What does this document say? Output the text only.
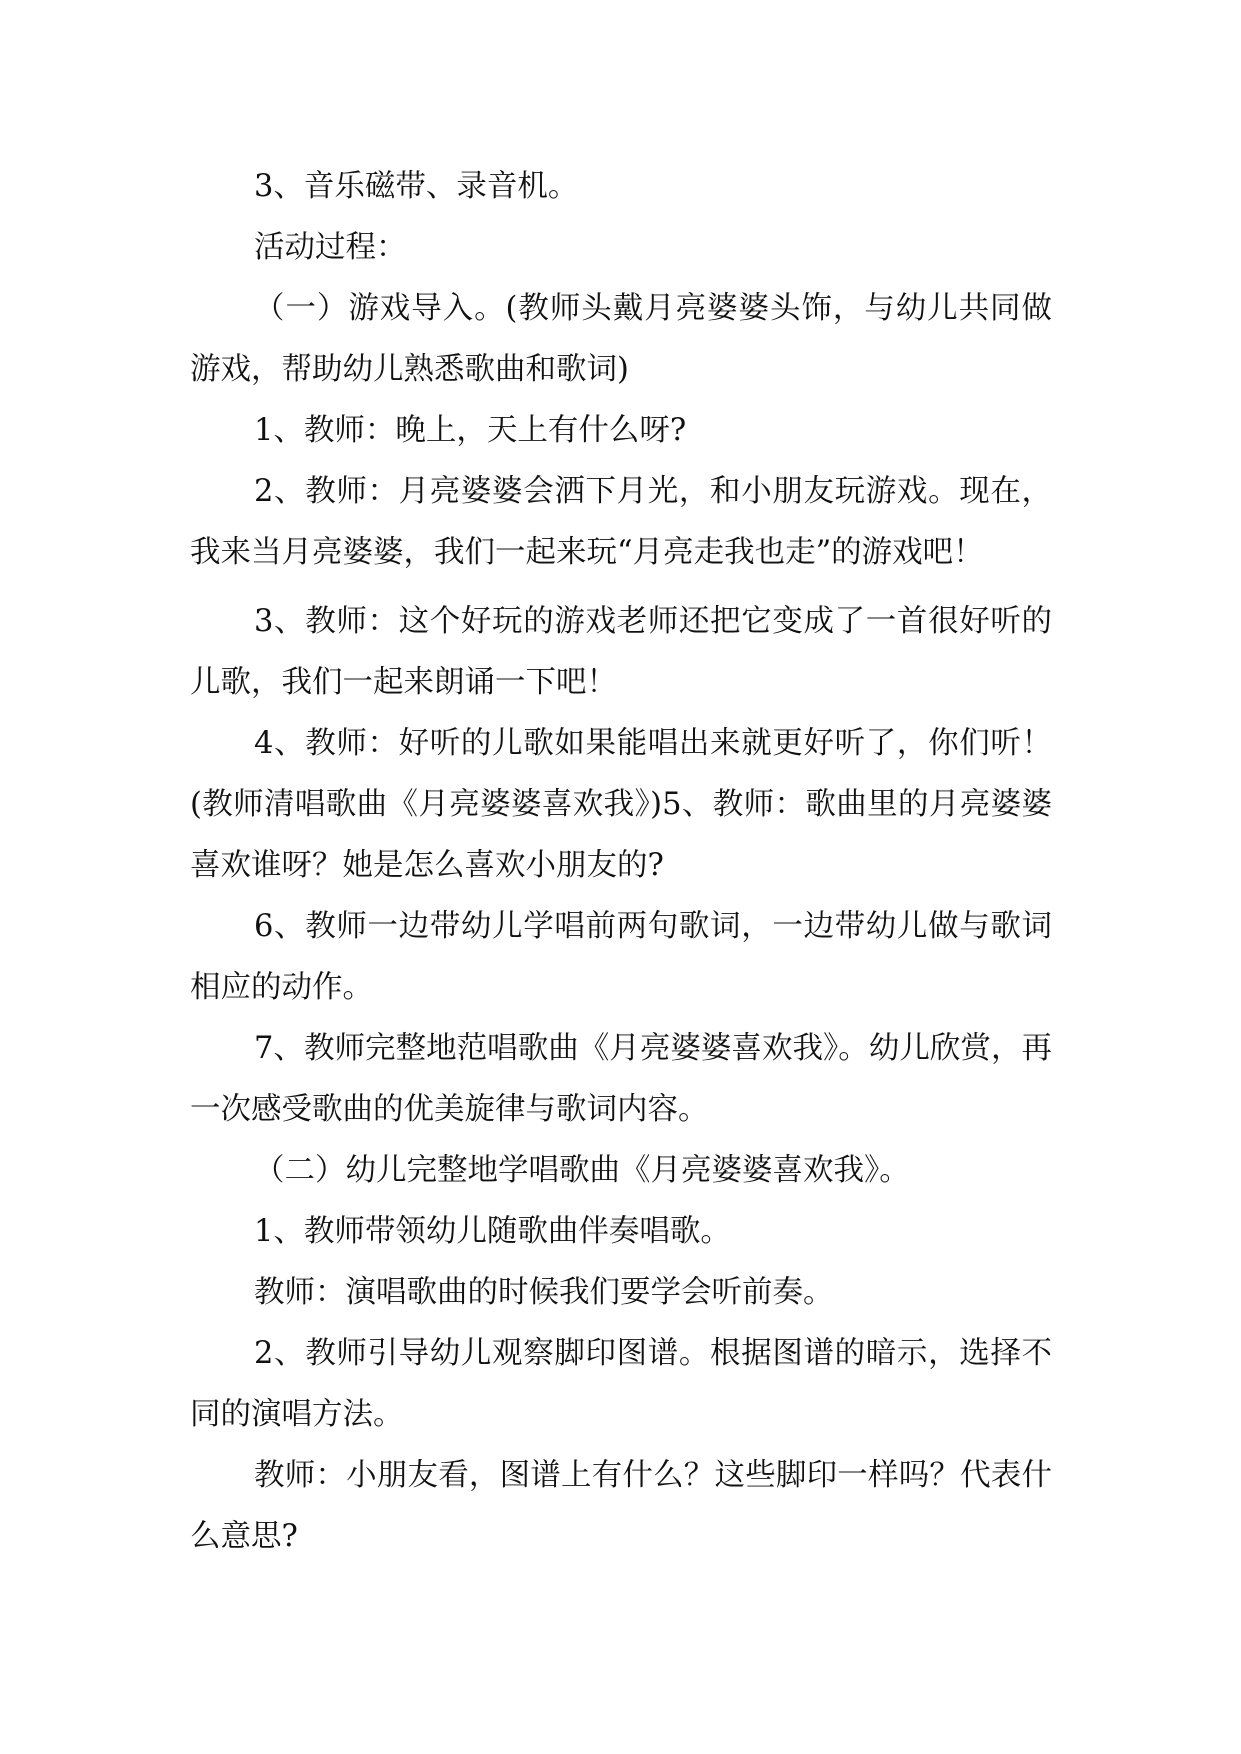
3、音乐磁带、录音机。

活动过程：

（一）游戏导入。(教师头戴月亮婆婆头饰，与幼儿共同做游戏，帮助幼儿熟悉歌曲和歌词)

1、教师：晚上，天上有什么呀?

2、教师：月亮婆婆会洒下月光，和小朋友玩游戏。现在，我来当月亮婆婆，我们一起来玩“月亮走我也走”的游戏吧！

3、教师：这个好玩的游戏老师还把它变成了一首很好听的儿歌，我们一起来朗诵一下吧！

4、教师：好听的儿歌如果能唱出来就更好听了，你们听！(教师清唱歌曲《月亮婆婆喜欢我》)5、教师：歌曲里的月亮婆婆喜欢谁呀？她是怎么喜欢小朋友的?

6、教师一边带幼儿学唱前两句歌词，一边带幼儿做与歌词相应的动作。

7、教师完整地范唱歌曲《月亮婆婆喜欢我》。幼儿欣赏，再一次感受歌曲的优美旋律与歌词内容。

（二）幼儿完整地学唱歌曲《月亮婆婆喜欢我》。

1、教师带领幼儿随歌曲伴奏唱歌。

教师：演唱歌曲的时候我们要学会听前奏。

2、教师引导幼儿观察脚印图谱。根据图谱的暗示，选择不同的演唱方法。

教师：小朋友看，图谱上有什么？这些脚印一样吗？代表什么意思?
